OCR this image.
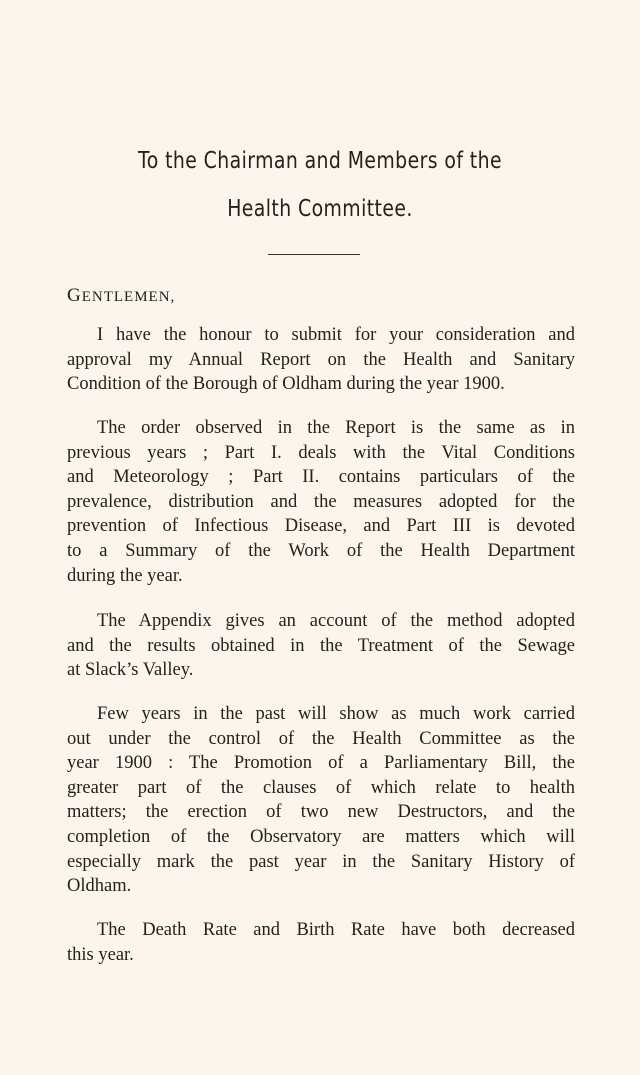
To the Chairman and Members of the
Health Committee.
GENTLEMEN,
I have the honour to submit for your consideration and
approval my Annual Report on the Health and Sanitary
Condition of the Borough of Oldham during the year 1900.
The order observed in the Report is the same as in
previous years ; Part I. deals with the Vital Conditions
and Meteorology ; Part II. contains particulars of the
prevalence, distribution and the measures adopted for the
prevention of Infectious Disease, and Part III is devoted
to a Summary of the Work of the Health Department
during the year.
The Appendix gives an account of the method adopted
and the results obtained in the Treatment of the Sewage
at Slack’s Valley.
Few years in the past will show as much work carried
out under the control of the Health Committee as the
year 1900 : The Promotion of a Parliamentary Bill, the
greater part of the clauses of which relate to health
matters; the erection of two new Destructors, and the
completion of the Observatory are matters which will
especially mark the past year in the Sanitary History of
Oldham.
The Death Rate and Birth Rate have both decreased
this year.
